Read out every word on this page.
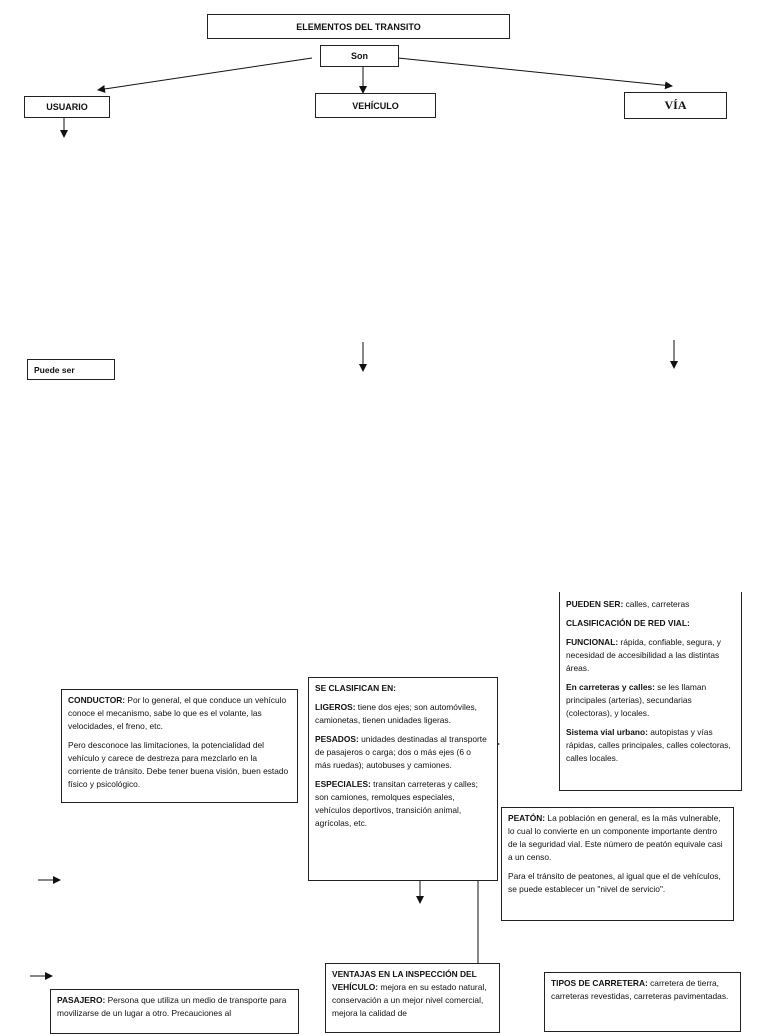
ELEMENTOS DEL TRANSITO
Son
USUARIO	VEHÍCULO	VÍA
Puede ser

PUEDEN SER: calles, carreteras

CLASIFICACIÓN DE RED VIAL:

FUNCIONAL: rápida, confiable, segura, y necesidad de accesibilidad a las distintas áreas.

En carreteras y calles: se les llaman principales (arterias), secundarias (colectoras), y locales.

Sistema vial urbano: autopistas y vías rápidas, calles principales, calles colectoras, calles locales.

CONDUCTOR: Por lo general, el que conduce un vehículo conoce el mecanismo, sabe lo que es el volante, las velocidades, el freno, etc.

Pero desconoce las limitaciones, la potencialidad del vehículo y carece de destreza para mezclarlo en la corriente de tránsito. Debe tener buena visión, buen estado físico y psicológico.

SE CLASIFICAN EN:

LIGEROS: tiene dos ejes; son automóviles, camionetas, tienen unidades ligeras.

PESADOS: unidades destinadas al transporte de pasajeros o carga; dos o más ejes (6 o más ruedas); autobuses y camiones.

ESPECIALES: transitan carreteras y calles; son camiones, remolques especiales, vehículos deportivos, transición animal, agrícolas, etc.	PEATÓN: La población en general, es la más vulnerable, lo cual lo convierte en un componente importante dentro de la seguridad vial. Este número de peatón equivale casi a un censo.

Para el tránsito de peatones, al igual que el de vehículos, se puede establecer un "nivel de servicio".

VENTAJAS EN LA INSPECCIÓN DEL VEHÍCULO: mejora en su estado natural, conservación a un mejor nivel comercial, mejora la calidad de

TIPOS DE CARRETERA: carretera de tierra, carreteras revestidas, carreteras pavimentadas.

PASAJERO: Persona que utiliza un medio de transporte para movilizarse de un lugar a otro. Precauciones al
